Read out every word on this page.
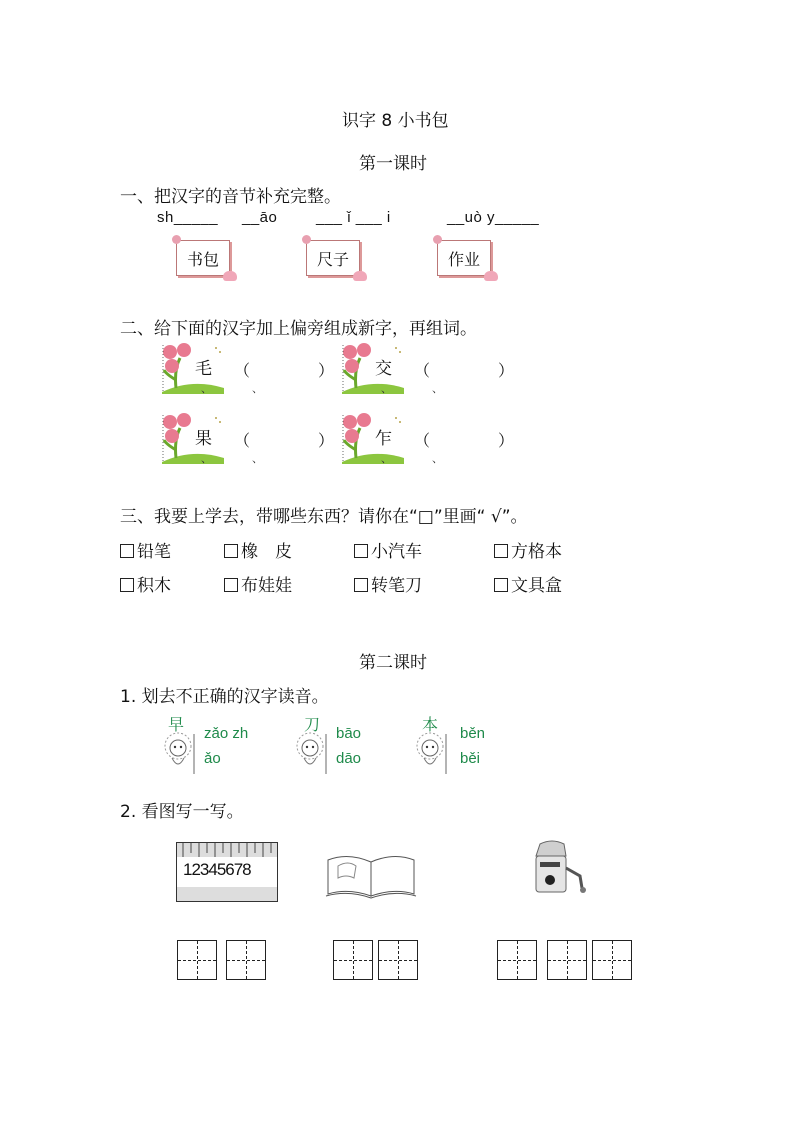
识字 8 小书包
第一课时
一、把汉字的音节补充完整。
sh_____ __āo	___ ǐ ___ i	__uò y_____
书包	尺子	作业
二、给下面的汉字加上偏旁组成新字，再组词。
毛 （	）
、	、
交 （	）
、	、
果 （	）
、	、
乍 （	）
、	、
三、我要上学去，带哪些东西？请你在“□”里画“ √”。
铅笔	橡　皮	小汽车	方格本
积木	布娃娃	转笔刀	文具盒
第二课时
1. 划去不正确的汉字读音。
早 zǎo zh
ǎo
刀 bāo
dāo
本 běn
běi
2. 看图写一写。
12345678
